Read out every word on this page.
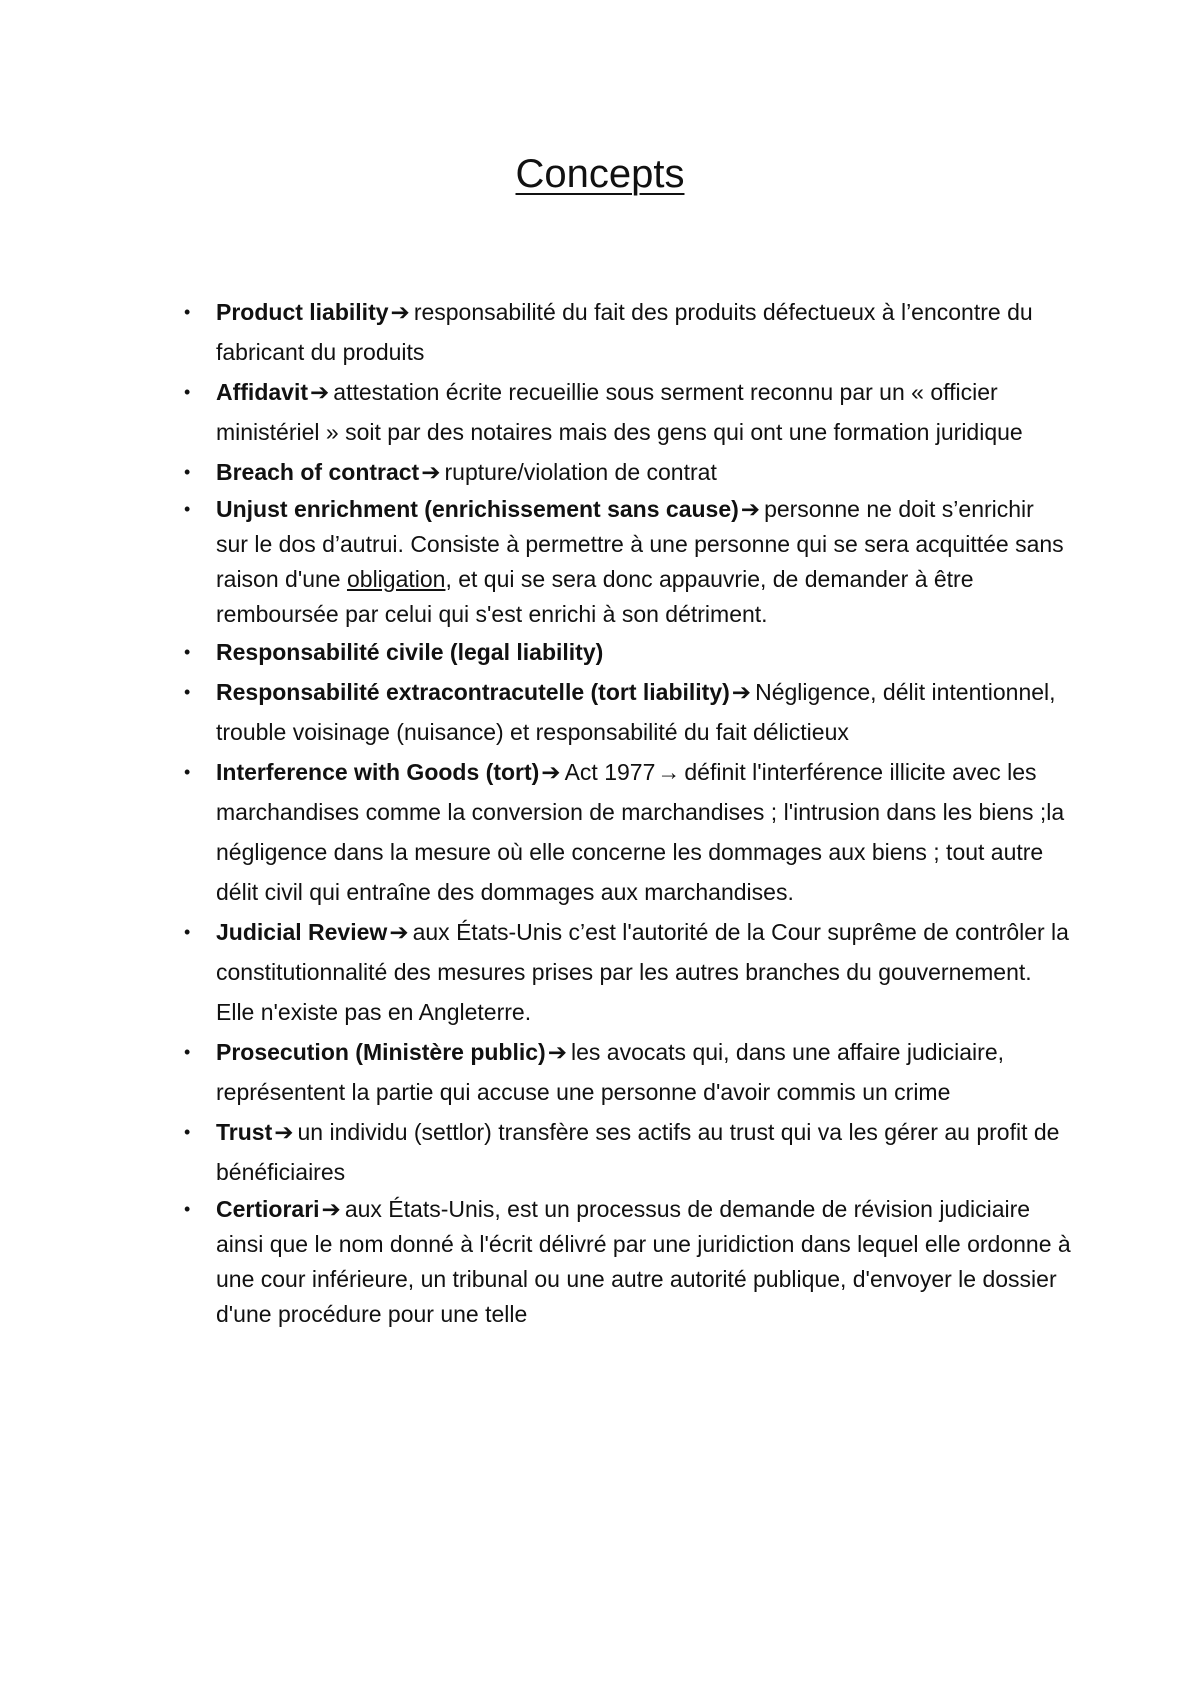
Concepts
• Product liability➔ responsabilité du fait des produits défectueux à l’encontre du fabricant du produits
• Affidavit➔ attestation écrite recueillie sous serment reconnu par un « officier ministériel » soit par des notaires mais des gens qui ont une formation juridique
• Breach of contract➔ rupture/violation de contrat
• Unjust enrichment (enrichissement sans cause)➔ personne ne doit s’enrichir sur le dos d’autrui. Consiste à permettre à une personne qui se sera acquittée sans raison d'une obligation, et qui se sera donc appauvrie, de demander à être remboursée par celui qui s'est enrichi à son détriment.
• Responsabilité civile (legal liability)
• Responsabilité extracontracutelle (tort liability)➔ Négligence, délit intentionnel, trouble voisinage (nuisance) et responsabilité du fait délictieux
• Interference with Goods (tort)➔ Act 1977→ définit l'interférence illicite avec les marchandises comme la conversion de marchandises ; l'intrusion dans les biens ;la négligence dans la mesure où elle concerne les dommages aux biens ; tout autre délit civil qui entraîne des dommages aux marchandises.
• Judicial Review➔ aux États-Unis c’est l'autorité de la Cour suprême de contrôler la constitutionnalité des mesures prises par les autres branches du gouvernement. Elle n'existe pas en Angleterre.
• Prosecution (Ministère public)➔ les avocats qui, dans une affaire judiciaire, représentent la partie qui accuse une personne d'avoir commis un crime
• Trust➔ un individu (settlor) transfère ses actifs au trust qui va les gérer au profit de bénéficiaires
• Certiorari➔ aux États-Unis, est un processus de demande de révision judiciaire ainsi que le nom donné à l'écrit délivré par une juridiction dans lequel elle ordonne à une cour inférieure, un tribunal ou une autre autorité publique, d'envoyer le dossier d'une procédure pour une telle
